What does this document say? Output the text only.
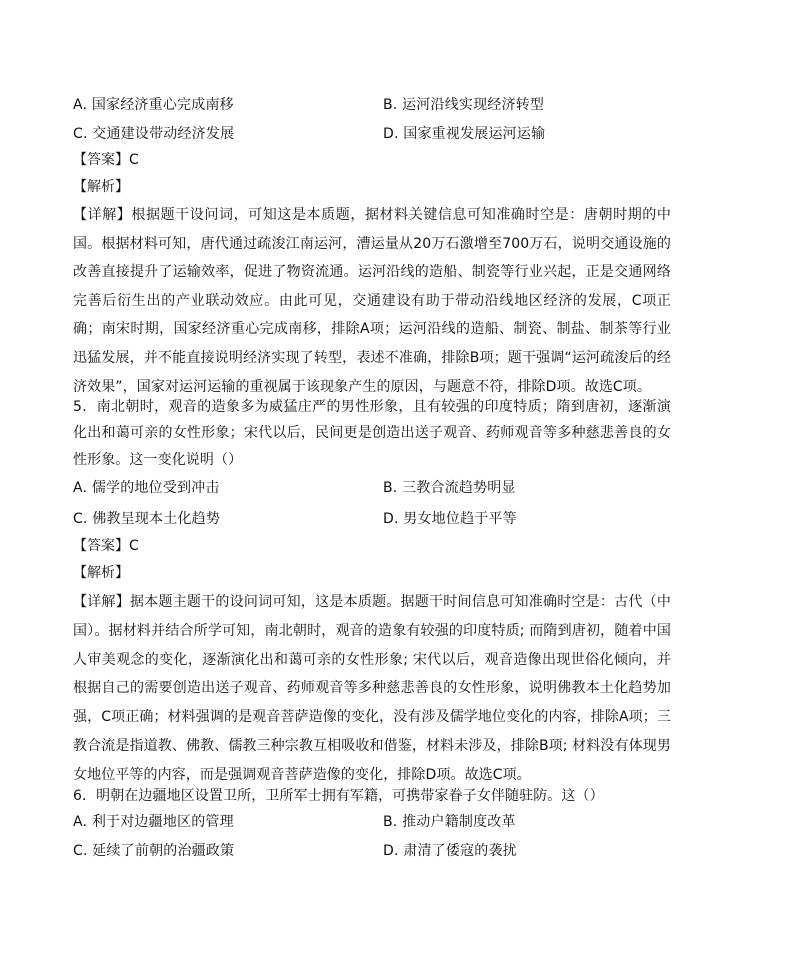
A. 国家经济重心完成南移	B. 运河沿线实现经济转型
C. 交通建设带动经济发展	D. 国家重视发展运河运输
【答案】C
【解析】
【详解】根据题干设问词，可知这是本质题，据材料关键信息可知准确时空是：唐朝时期的中国。根据材料可知，唐代通过疏浚江南运河，漕运量从20万石激增至700万石，说明交通设施的改善直接提升了运输效率，促进了物资流通。运河沿线的造船、制瓷等行业兴起，正是交通网络完善后衍生出的产业联动效应。由此可见，交通建设有助于带动沿线地区经济的发展，C项正确；南宋时期，国家经济重心完成南移，排除A项；运河沿线的造船、制瓷、制盐、制茶等行业迅猛发展，并不能直接说明经济实现了转型，表述不准确，排除B项；题干强调“运河疏浚后的经济效果”，国家对运河运输的重视属于该现象产生的原因，与题意不符，排除D项。故选C项。
5．南北朝时，观音的造象多为威猛庄严的男性形象，且有较强的印度特质；隋到唐初，逐渐演化出和蔼可亲的女性形象；宋代以后，民间更是创造出送子观音、药师观音等多种慈悲善良的女性形象。这一变化说明（）
A. 儒学的地位受到冲击	B. 三教合流趋势明显
C. 佛教呈现本土化趋势	D. 男女地位趋于平等
【答案】C
【解析】
【详解】据本题主题干的设问词可知，这是本质题。据题干时间信息可知准确时空是：古代（中国）。据材料并结合所学可知，南北朝时，观音的造象有较强的印度特质; 而隋到唐初，随着中国人审美观念的变化，逐渐演化出和蔼可亲的女性形象; 宋代以后，观音造像出现世俗化倾向，并根据自己的需要创造出送子观音、药师观音等多种慈悲善良的女性形象，说明佛教本土化趋势加强，C项正确；材料强调的是观音菩萨造像的变化，没有涉及儒学地位变化的内容，排除A项；三教合流是指道教、佛教、儒教三种宗教互相吸收和借鉴，材料未涉及，排除B项; 材料没有体现男女地位平等的内容，而是强调观音菩萨造像的变化，排除D项。故选C项。
6．明朝在边疆地区设置卫所，卫所军士拥有军籍，可携带家眷子女伴随驻防。这（）
A. 利于对边疆地区的管理	B. 推动户籍制度改革
C. 延续了前朝的治疆政策	D. 肃清了倭寇的袭扰
